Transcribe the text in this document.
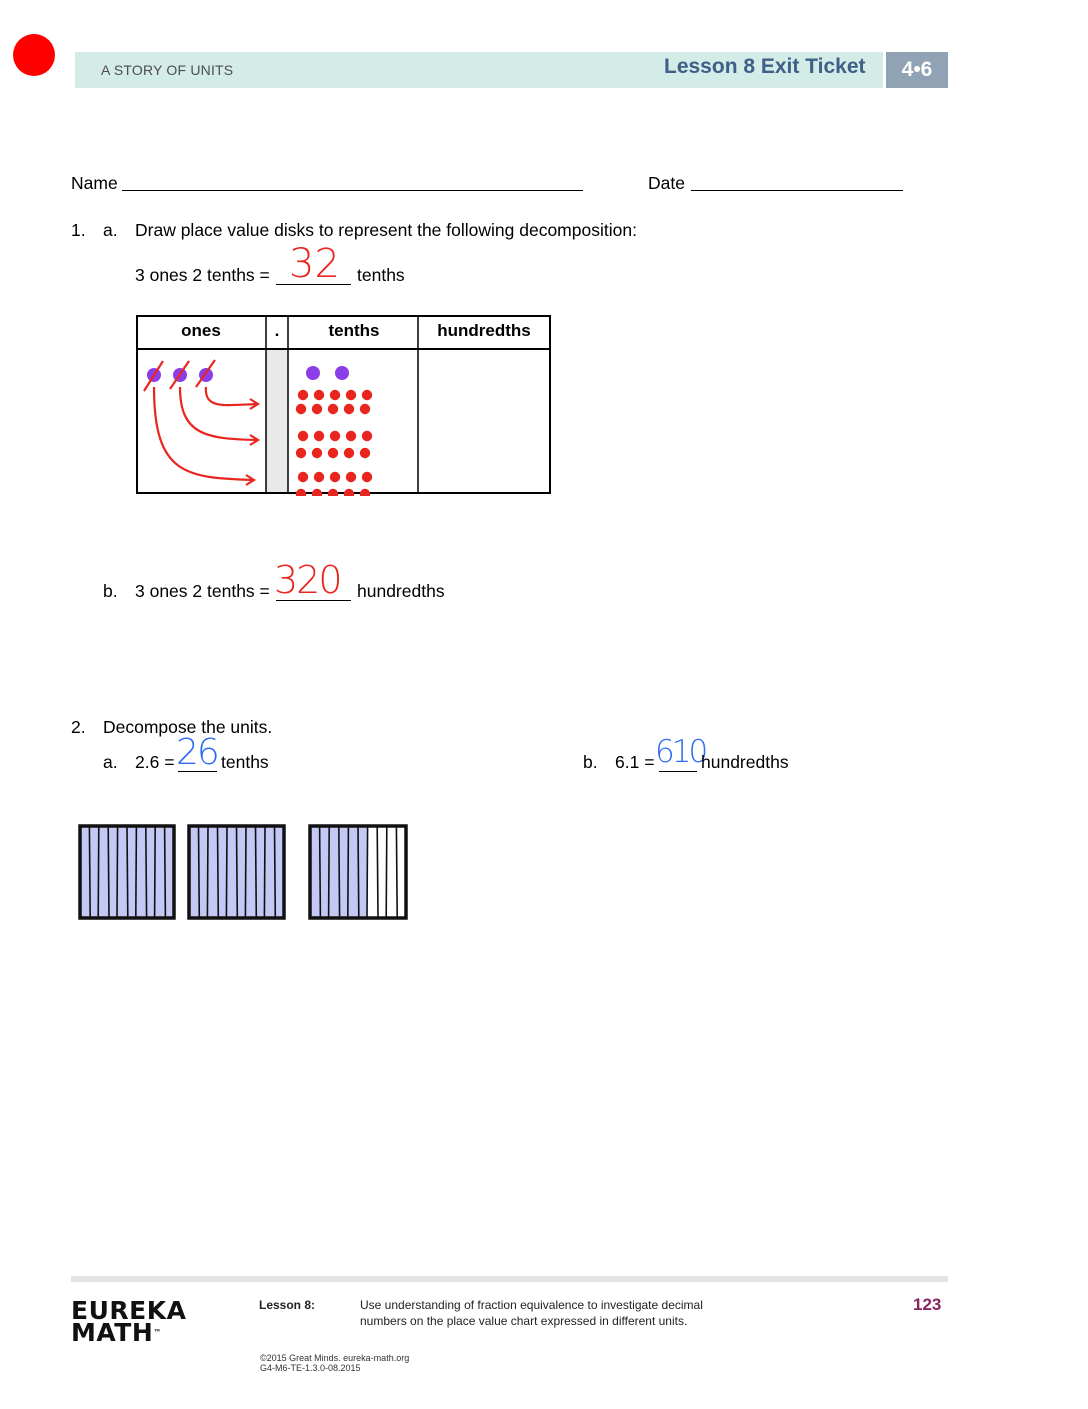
A STORY OF UNITS	Lesson 8 Exit Ticket	4•6
Name	Date
1. a. Draw place value disks to represent the following decomposition:
3 ones 2 tenths = 32 tenths
ones	.	tenths	hundredths
b. 3 ones 2 tenths = 320 hundredths
2. Decompose the units.
a. 2.6 = 26 tenths	b. 6.1 = 610
hundredths
EUREKA
MATH™
Lesson 8:	Use understanding of fraction equivalence to investigate decimal
numbers on the place value chart expressed in different units.
123
©2015 Great Minds. eureka-math.org
G4-M6-TE-1.3.0-08.2015
